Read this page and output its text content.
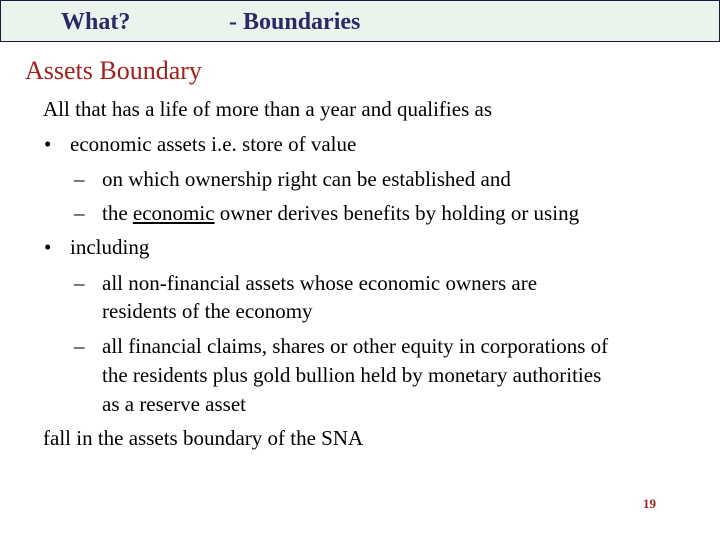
What?	- Boundaries
Assets Boundary
All that has a life of more than a year and qualifies as
• economic assets i.e. store of value
– on which ownership right can be established and
– the economic owner derives benefits by holding or using
• including
– all non-financial assets whose economic owners are
residents of the economy
– all financial claims, shares or other equity in corporations of
the residents plus gold bullion held by monetary authorities
as a reserve asset
fall in the assets boundary of the SNA
19
